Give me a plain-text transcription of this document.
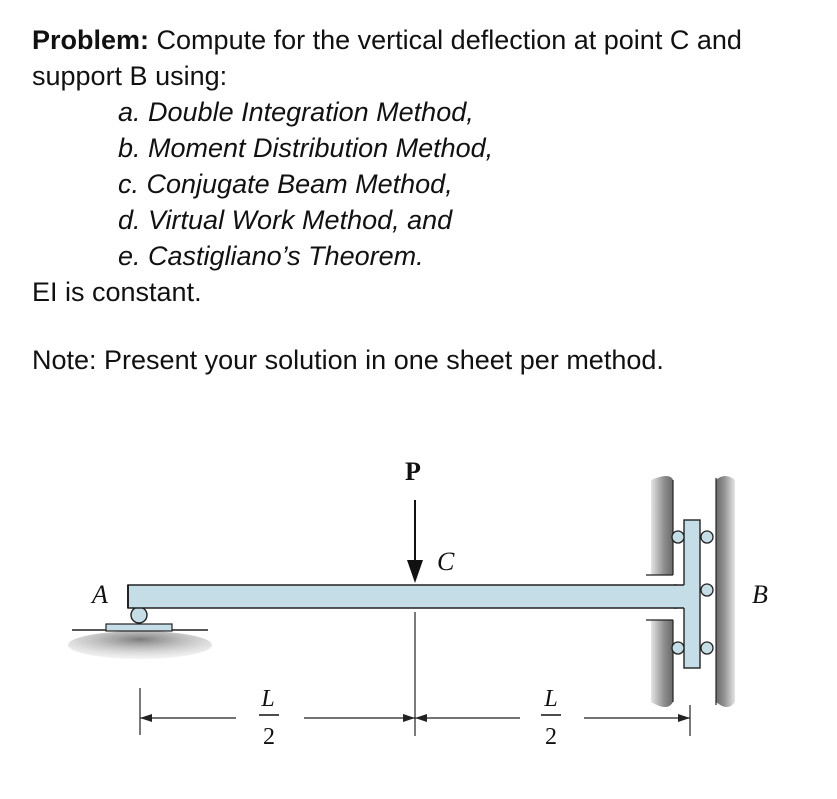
Problem: Compute for the vertical deflection at point C and support B using:

a. Double Integration Method,
b. Moment Distribution Method,
c. Conjugate Beam Method,
d. Virtual Work Method, and
e. Castigliano’s Theorem.

EI is constant.

Note: Present your solution in one sheet per method.

P
C
A	B
L
2
L
2
